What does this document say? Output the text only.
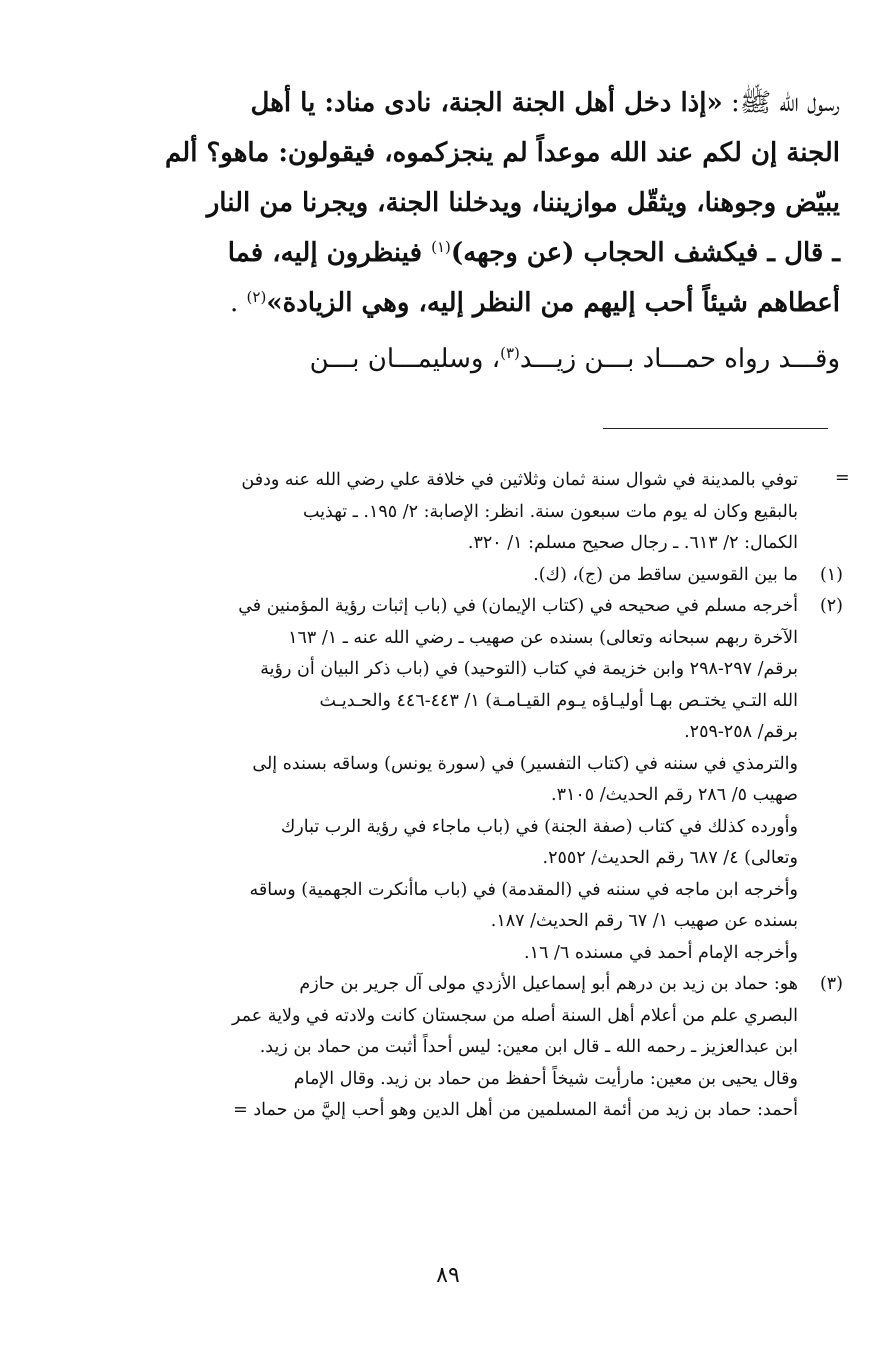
رسول الله ﷺ: «إذا دخل أهل الجنة الجنة، نادى مناد: يا أهل
الجنة إن لكم عند الله موعداً لم ينجزكموه، فيقولون: ماهو؟ ألم
يبيّض وجوهنا، ويثقّل موازيننا، ويدخلنا الجنة، ويجرنا من النار
ـ قال ـ فيكشف الحجاب (عن وجهه)$^{(١)}$ فينظرون إليه، فما
أعطاهم شيئاً أحب إليهم من النظر إليه، وهي الزيادة»$^{(٢)}$ .
وقـــد رواه حمـــاد بـــن زيـــد$^{(٣)}$، وسليمـــان بـــن
=
توفي بالمدينة في شوال سنة ثمان وثلاثين في خلافة علي رضي الله عنه ودفن
بالبقيع وكان له يوم مات سبعون سنة. انظر: الإصابة: ٢/ ١٩٥. ـ تهذيب
الكمال: ٢/ ٦١٣. ـ رجال صحيح مسلم: ١/ ٣٢٠.
ما بين القوسين ساقط من (ج)، (ك).	(١)
أخرجه مسلم في صحيحه في (كتاب الإيمان) في (باب إثبات رؤية المؤمنين في
الآخرة ربهم سبحانه وتعالى) بسنده عن صهيب ـ رضي الله عنه ـ ١/ ١٦٣
برقم/ ٢٩٧-٢٩٨ وابن خزيمة في كتاب (التوحيد) في (باب ذكر البيان أن رؤية
الله التـي يختـص بهـا أوليـاؤه يـوم القيـامـة) ١/ ٤٤٣-٤٤٦ والحـديـث
برقم/ ٢٥٨-٢٥٩.
والترمذي في سننه في (كتاب التفسير) في (سورة يونس) وساقه بسنده إلى
صهيب ٥/ ٢٨٦ رقم الحديث/ ٣١٠٥.
وأورده كذلك في كتاب (صفة الجنة) في (باب ماجاء في رؤية الرب تبارك
وتعالى) ٤/ ٦٨٧ رقم الحديث/ ٢٥٥٢.
وأخرجه ابن ماجه في سننه في (المقدمة) في (باب ماأنكرت الجهمية) وساقه
بسنده عن صهيب ١/ ٦٧ رقم الحديث/ ١٨٧.
وأخرجه الإمام أحمد في مسنده ٦/ ١٦.
(٢)
هو: حماد بن زيد بن درهم أبو إسماعيل الأزدي مولى آل جرير بن حازم
البصري علم من أعلام أهل السنة أصله من سجستان كانت ولادته في ولاية عمر
ابن عبدالعزيز ـ رحمه الله ـ قال ابن معين: ليس أحداً أثبت من حماد بن زيد.
وقال يحيى بن معين: مارأيت شيخاً أحفظ من حماد بن زيد. وقال الإمام
أحمد: حماد بن زيد من أئمة المسلمين من أهل الدين وهو أحب إليَّ من حماد =
(٣)
٨٩
